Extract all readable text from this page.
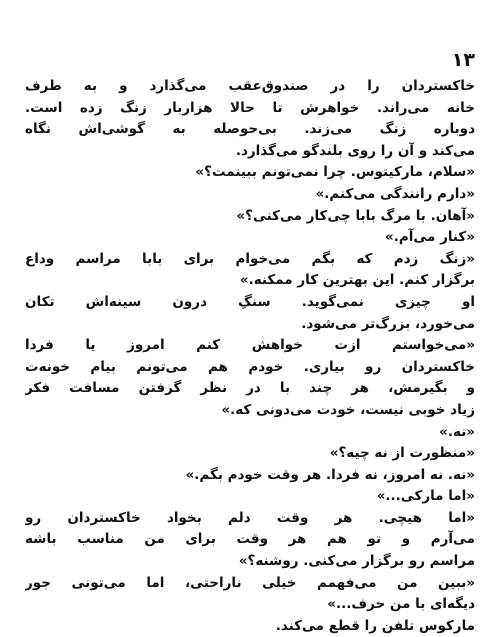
۱۳
خاکستردان را در صندوق‌عقب می‌گذارد و به طرف
خانه می‌راند. خواهرش تا حالا هزاربار زنگ زده است.
دوباره زنگ می‌زند. بی‌حوصله به گوشی‌اش نگاه
می‌کند و آن را روی بلندگو می‌گذارد.
«سلام، مارکیتوس. چرا نمی‌تونم ببینمت؟»
«دارم رانندگی می‌کنم.»
«آهان. با مرگ بابا چی‌کار می‌کنی؟»
«کنار می‌آم.»
«زنگ زدم که بگم می‌خوام برای بابا مراسم وداع
برگزار کنم. این بهترین کار ممکنه.»
او چیزی نمی‌گوید. سنگِ درون سینه‌اش تکان
می‌خورد، بزرگ‌تر می‌شود.
«می‌خواستم ازت خواهش کنم امروز یا فردا
خاکستردان رو بیاری. خودم هم می‌تونم بیام خونه‌ت
و بگیرمش، هر چند با در نظر گرفتن مسافت فکر
زیاد خوبی نیست، خودت می‌دونی که.»
«نه.»
«منظورت از نه چیه؟»
«نه. نه امروز، نه فردا. هر وقت خودم بگم.»
«اما مارکی...»
«اما هیچی. هر وقت دلم بخواد خاکستردان رو
می‌آرم و تو هم هر وقت برای من مناسب باشه
مراسم رو برگزار می‌کنی. روشنه؟»
«ببین من می‌فهمم خیلی ناراحتی، اما می‌تونی جور
دیگه‌ای با من حرف...»
مارکوس تلفن را قطع می‌کند.
